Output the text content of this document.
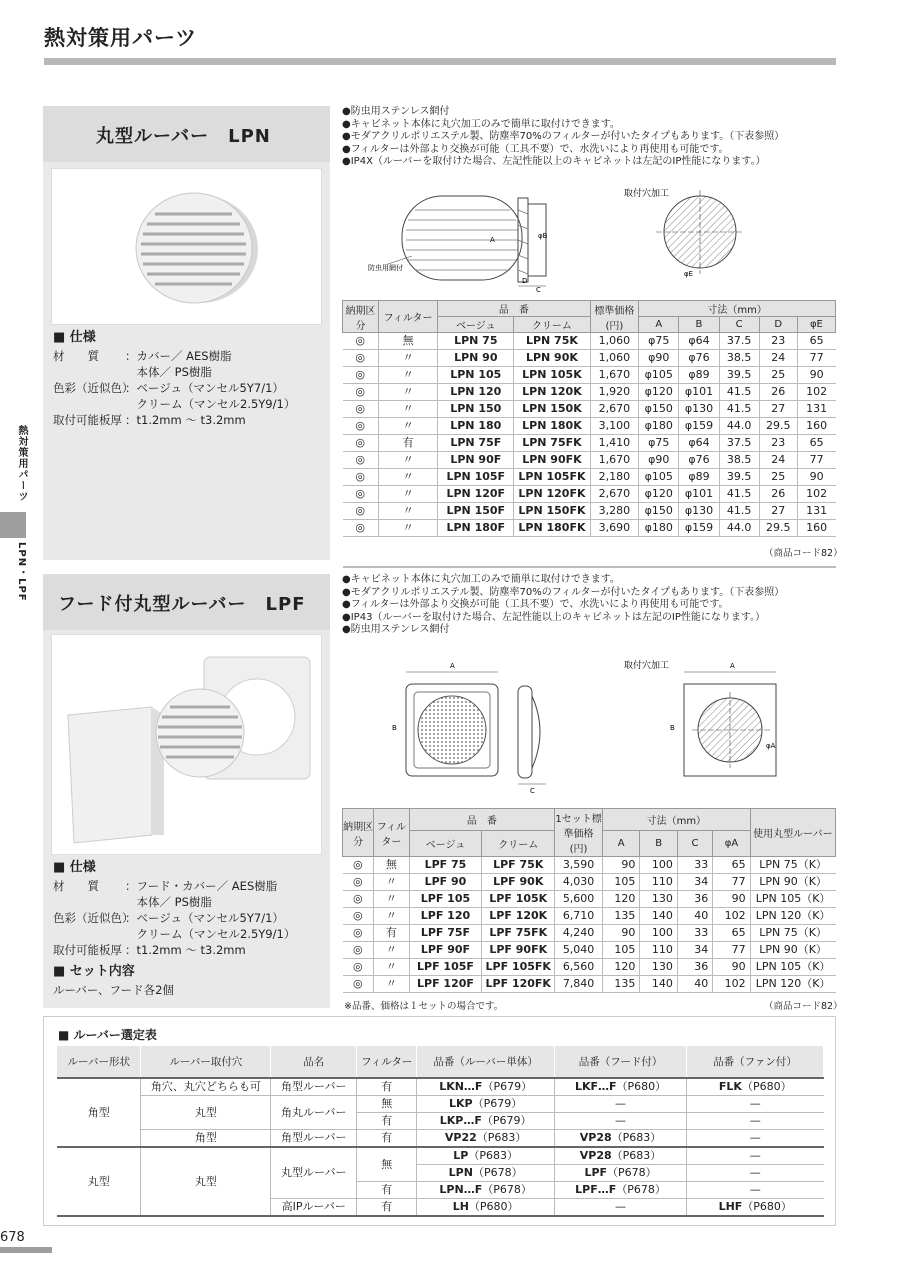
熱対策用パーツ
熱対策用パーツ
LPN・LPF
丸型ルーバー　LPN
■ 仕様
材　　質	：カバー／ AES樹脂
　本体／ PS樹脂
色彩（近似色）
：ベージュ（マンセル5Y7/1）
　クリーム（マンセル2.5Y9/1）
取付可能板厚 ：t1.2mm ～ t3.2mm
●防虫用ステンレス網付
●キャビネット本体に丸穴加工のみで簡単に取付けできます。
●モダアクリルポリエステル製、防塵率70%のフィルターが付いたタイプもあります。（下表参照）
●フィルターは外部より交換が可能（工具不要）で、水洗いにより再使用も可能です。
●IP4X（ルーバーを取付けた場合、左記性能以上のキャビネットは左記のIP性能になります。）
防虫用網付
A	φB
D
C
取付穴加工
φE
納期区分	フィルター	品　番		標準価格(円)	寸法（mm）				
		ベージュ	クリーム		A	B	C	D	φE
◎	無	LPN 75	LPN 75K	1,060	φ75	φ64	37.5	23	65
◎	〃	LPN 90	LPN 90K	1,060	φ90	φ76	38.5	24	77
◎	〃	LPN 105	LPN 105K	1,670	φ105	φ89	39.5	25	90
◎	〃	LPN 120	LPN 120K	1,920	φ120	φ101	41.5	26	102
◎	〃	LPN 150	LPN 150K	2,670	φ150	φ130	41.5	27	131
◎	〃	LPN 180	LPN 180K	3,100	φ180	φ159	44.0	29.5	160
◎	有	LPN 75F	LPN 75FK	1,410	φ75	φ64	37.5	23	65
◎	〃	LPN 90F	LPN 90FK	1,670	φ90	φ76	38.5	24	77
◎	〃	LPN 105F	LPN 105FK	2,180	φ105	φ89	39.5	25	90
◎	〃	LPN 120F	LPN 120FK	2,670	φ120	φ101	41.5	26	102
◎	〃	LPN 150F	LPN 150FK	3,280	φ150	φ130	41.5	27	131
◎	〃	LPN 180F	LPN 180FK	3,690	φ180	φ159	44.0	29.5	160
（商品コード82）
フード付丸型ルーバー　LPF
■ 仕様
材　　質	：フード・カバー／ AES樹脂
　本体／ PS樹脂
色彩（近似色）
：ベージュ（マンセル5Y7/1）
　クリーム（マンセル2.5Y9/1）
取付可能板厚 ：t1.2mm ～ t3.2mm
■ セット内容
ルーバー、フード各2個
●キャビネット本体に丸穴加工のみで簡単に取付けできます。
●モダアクリルポリエステル製、防塵率70%のフィルターが付いたタイプもあります。（下表参照）
●フィルターは外部より交換が可能（工具不要）で、水洗いにより再使用も可能です。
●IP43（ルーバーを取付けた場合、左記性能以上のキャビネットは左記のIP性能になります。）
●防虫用ステンレス網付
A
B
C
取付穴加工	A
B
φA
納期区分	フィルター	品　番		1セット標準価格(円)	寸法（mm）				使用丸型ルーバー
		ベージュ	クリーム		A	B	C	φA	
◎	無	LPF 75	LPF 75K	3,590	90	100	33	65	LPN 75（K）
◎	〃	LPF 90	LPF 90K	4,030	105	110	34	77	LPN 90（K）
◎	〃	LPF 105	LPF 105K	5,600	120	130	36	90	LPN 105（K）
◎	〃	LPF 120	LPF 120K	6,710	135	140	40	102	LPN 120（K）
◎	有	LPF 75F	LPF 75FK	4,240	90	100	33	65	LPN 75（K）
◎	〃	LPF 90F	LPF 90FK	5,040	105	110	34	77	LPN 90（K）
◎	〃	LPF 105F	LPF 105FK	6,560	120	130	36	90	LPN 105（K）
◎	〃	LPF 120F	LPF 120FK	7,840	135	140	40	102	LPN 120（K）
※品番、価格は１セットの場合です。	（商品コード82）
■ ルーバー選定表
ルーバー形状	ルーバー取付穴	品名	フィルター	品番（ルーバー単体）	品番（フード付）	品番（ファン付）
角型	角穴、丸穴どちらも可	角型ルーバー	有	LKN…F（P679）	LKF…F（P680）	FLK（P680）
	丸型	角丸ルーバー	無	LKP（P679）	—	—
			有	LKP…F（P679）	—	—
	角型	角型ルーバー	有	VP22（P683）	VP28（P683）	—
丸型	丸型	丸型ルーバー	無	LP（P683）	VP28（P683）	—
				LPN（P678）	LPF（P678）	—
			有	LPN…F（P678）	LPF…F（P678）	—
		高IPルーバー	有	LH（P680）	—	LHF（P680）
678
